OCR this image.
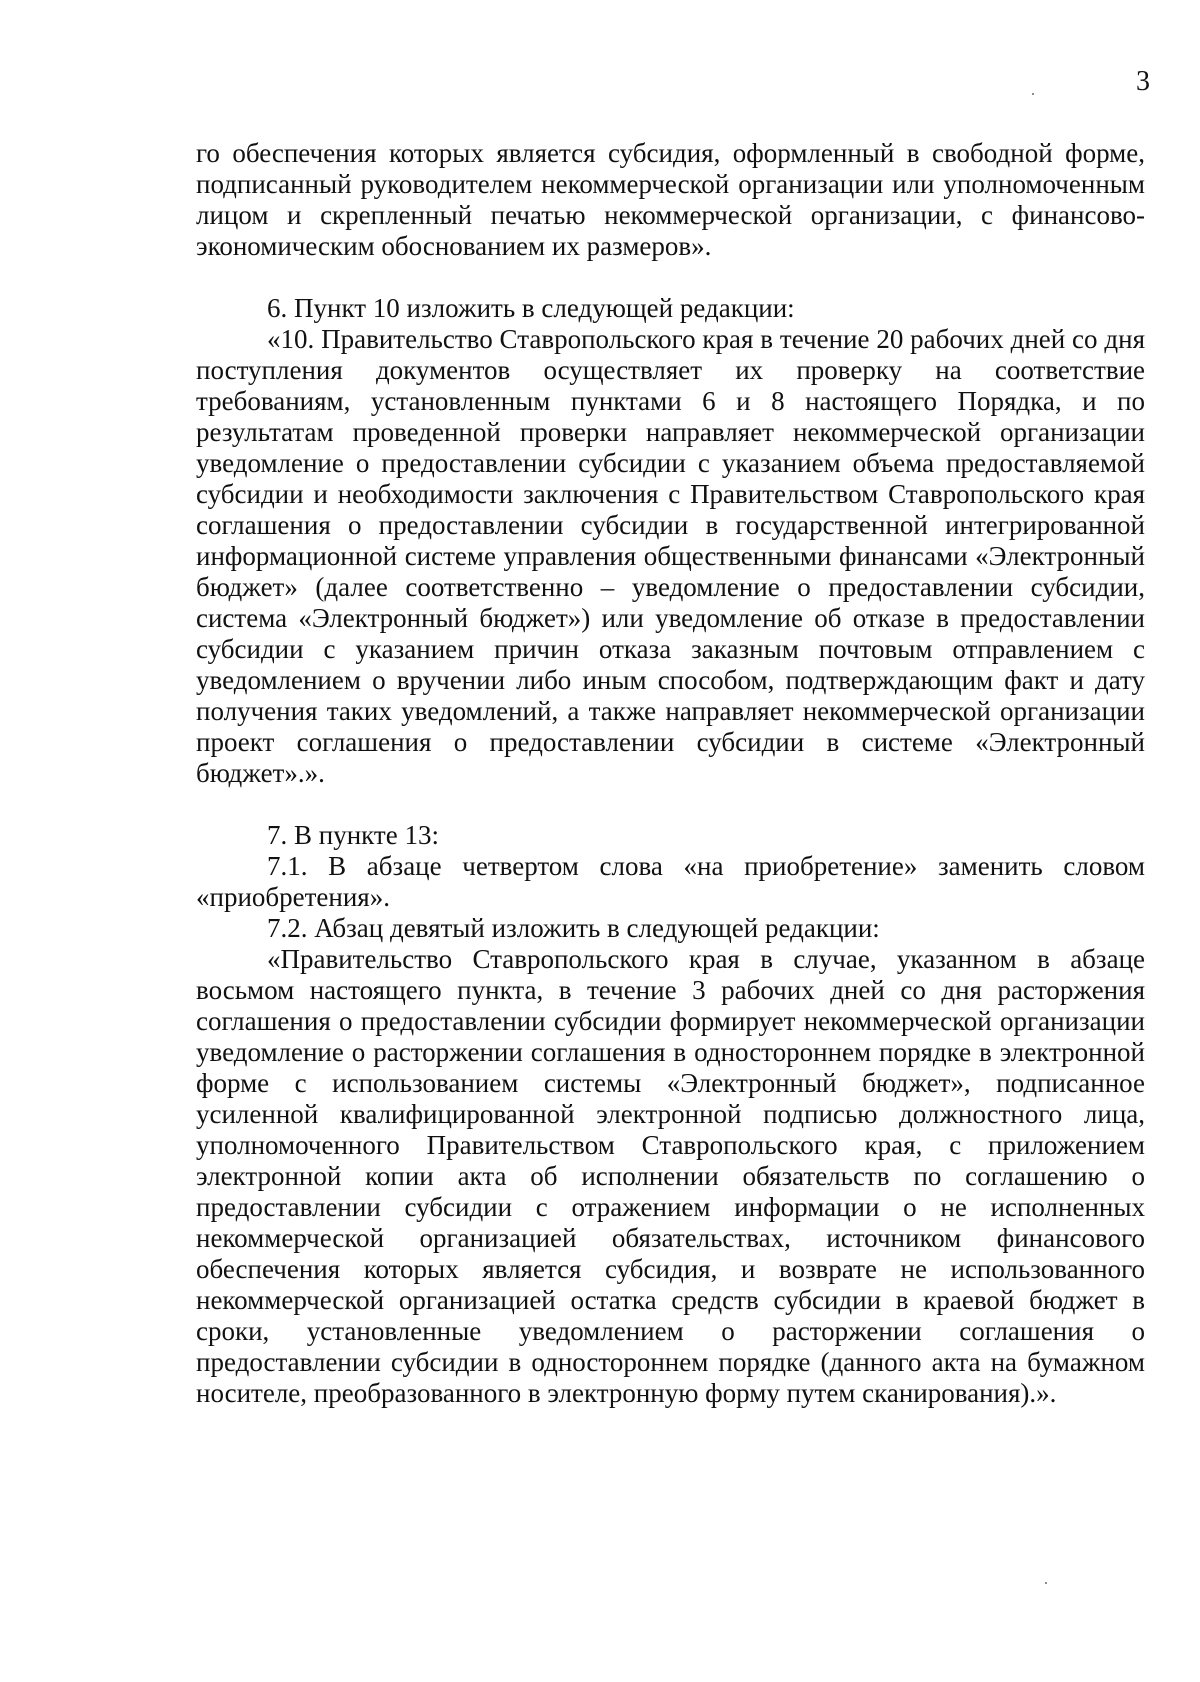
3

го обеспечения которых является субсидия, оформленный в свободной форме, подписанный руководителем некоммерческой организации или уполномоченным лицом и скрепленный печатью некоммерческой организации, с финансово-экономическим обоснованием их размеров».

6. Пункт 10 изложить в следующей редакции:

«10. Правительство Ставропольского края в течение 20 рабочих дней со дня поступления документов осуществляет их проверку на соответствие требованиям, установленным пунктами 6 и 8 настоящего Порядка, и по результатам проведенной проверки направляет некоммерческой организации уведомление о предоставлении субсидии с указанием объема предоставляемой субсидии и необходимости заключения с Правительством Ставропольского края соглашения о предоставлении субсидии в государственной интегрированной информационной системе управления общественными финансами «Электронный бюджет» (далее соответственно – уведомление о предоставлении субсидии, система «Электронный бюджет») или уведомление об отказе в предоставлении субсидии с указанием причин отказа заказным почтовым отправлением с уведомлением о вручении либо иным способом, подтверждающим факт и дату получения таких уведомлений, а также направляет некоммерческой организации проект соглашения о предоставлении субсидии в системе «Электронный бюджет».».

7. В пункте 13:

7.1. В абзаце четвертом слова «на приобретение» заменить словом «приобретения».

7.2. Абзац девятый изложить в следующей редакции:

«Правительство Ставропольского края в случае, указанном в абзаце восьмом настоящего пункта, в течение 3 рабочих дней со дня расторжения соглашения о предоставлении субсидии формирует некоммерческой организации уведомление о расторжении соглашения в одностороннем порядке в электронной форме с использованием системы «Электронный бюджет», подписанное усиленной квалифицированной электронной подписью должностного лица, уполномоченного Правительством Ставропольского края, с приложением электронной копии акта об исполнении обязательств по соглашению о предоставлении субсидии с отражением информации о не исполненных некоммерческой организацией обязательствах, источником финансового обеспечения которых является субсидия, и возврате не использованного некоммерческой организацией остатка средств субсидии в краевой бюджет в сроки, установленные уведомлением о расторжении соглашения о предоставлении субсидии в одностороннем порядке (данного акта на бумажном носителе, преобразованного в электронную форму путем сканирования).».
